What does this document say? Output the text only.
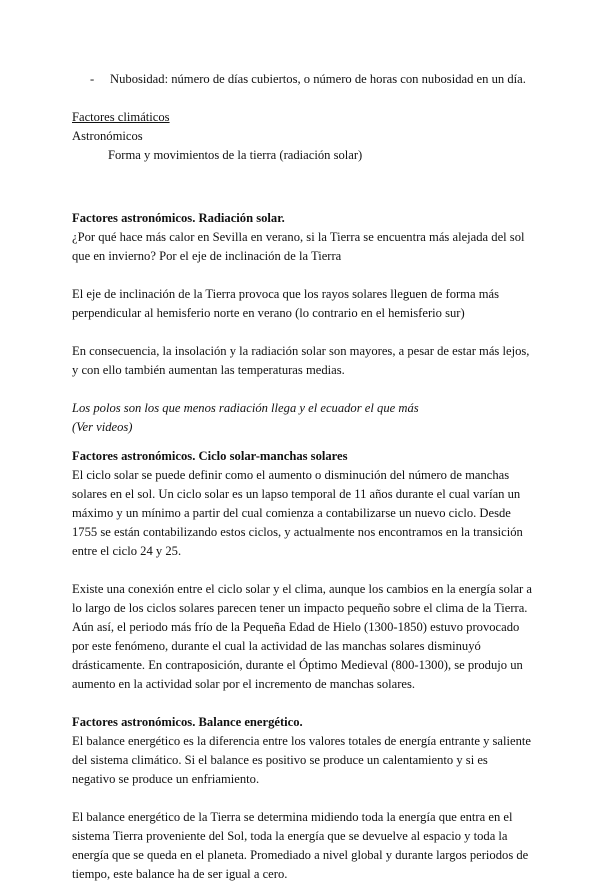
- Nubosidad: número de días cubiertos, o número de horas con nubosidad en un día.

Factores climáticos

Astronómicos

Forma y movimientos de la tierra (radiación solar)

Factores astronómicos. Radiación solar.

¿Por qué hace más calor en Sevilla en verano, si la Tierra se encuentra más alejada del sol que en invierno? Por el eje de inclinación de la Tierra

El eje de inclinación de la Tierra provoca que los rayos solares lleguen de forma más perpendicular al hemisferio norte en verano (lo contrario en el hemisferio sur)

En consecuencia, la insolación y la radiación solar son mayores, a pesar de estar más lejos, y con ello también aumentan las temperaturas medias.

Los polos son los que menos radiación llega y el ecuador el que más

(Ver videos)

Factores astronómicos. Ciclo solar-manchas solares

El ciclo solar se puede definir como el aumento o disminución del número de manchas solares en el sol. Un ciclo solar es un lapso temporal de 11 años durante el cual varían un máximo y un mínimo a partir del cual comienza a contabilizarse un nuevo ciclo. Desde 1755 se están contabilizando estos ciclos, y actualmente nos encontramos en la transición entre el ciclo 24 y 25.

Existe una conexión entre el ciclo solar y el clima, aunque los cambios en la energía solar a lo largo de los ciclos solares parecen tener un impacto pequeño sobre el clima de la Tierra. Aún así, el periodo más frío de la Pequeña Edad de Hielo (1300-1850) estuvo provocado por este fenómeno, durante el cual la actividad de las manchas solares disminuyó drásticamente. En contraposición, durante el Óptimo Medieval (800-1300), se produjo un aumento en la actividad solar por el incremento de manchas solares.

Factores astronómicos. Balance energético.

El balance energético es la diferencia entre los valores totales de energía entrante y saliente del sistema climático. Si el balance es positivo se produce un calentamiento y si es negativo se produce un enfriamiento.

El balance energético de la Tierra se determina midiendo toda la energía que entra en el sistema Tierra proveniente del Sol, toda la energía que se devuelve al espacio y toda la energía que se queda en el planeta. Promediado a nivel global y durante largos periodos de tiempo, este balance ha de ser igual a cero.
